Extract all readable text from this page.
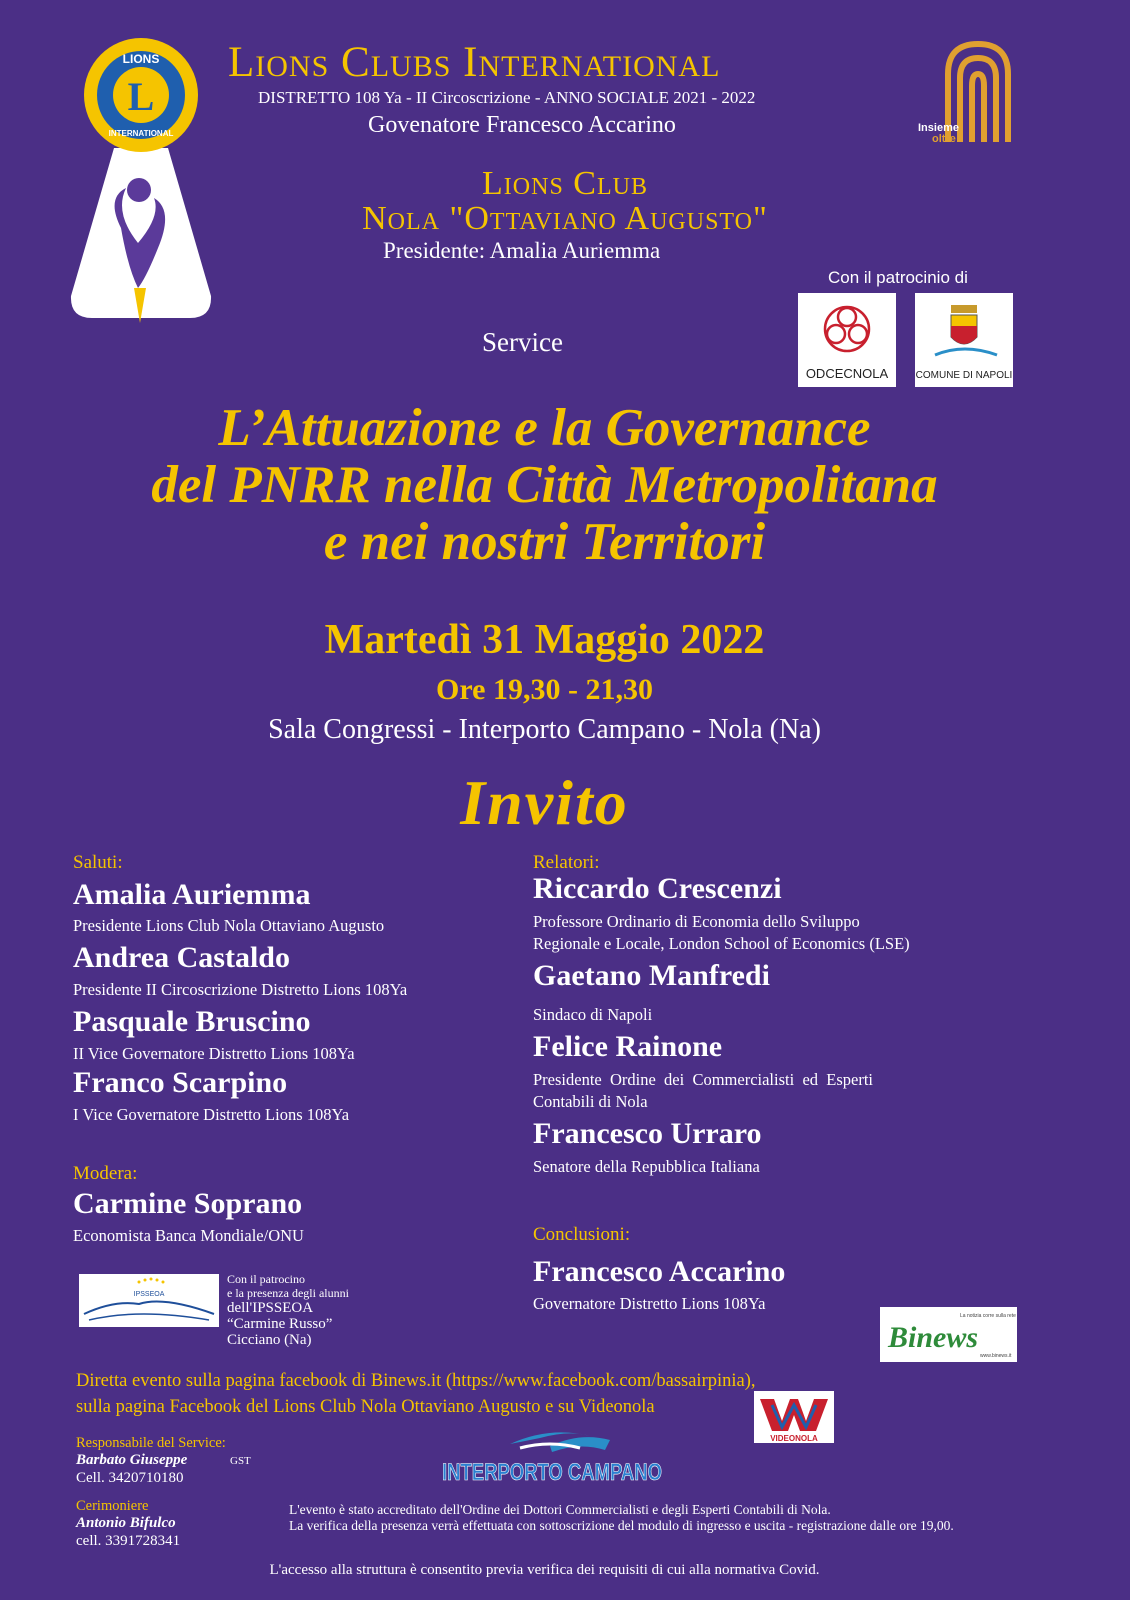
L
LIONS
INTERNATIONAL
Lions Clubs International
DISTRETTO 108 Ya - II Circoscrizione - ANNO SOCIALE 2021 - 2022
Govenatore Francesco Accarino	Insieme
oltre
Lions Club
Nola "Ottaviano Augusto"
Presidente: Amalia Auriemma
Con il patrocinio di
ODCECNOLA	COMUNE DI NAPOLI
Service
L’Attuazione e la Governance
del PNRR nella Città Metropolitana
e nei nostri Territori
Martedì 31 Maggio 2022
Ore 19,30 - 21,30
Sala Congressi - Interporto Campano - Nola (Na)
Invito
Saluti:
Amalia Auriemma
Presidente Lions Club Nola Ottaviano Augusto
Andrea Castaldo
Presidente II Circoscrizione Distretto Lions 108Ya
Pasquale Bruscino
II Vice Governatore Distretto Lions 108Ya
Franco Scarpino
I Vice Governatore Distretto Lions 108Ya
Modera:
Carmine Soprano
Economista Banca Mondiale/ONU
Relatori:
Riccardo Crescenzi
Professore Ordinario di Economia dello Sviluppo
Regionale e Locale, London School of Economics (LSE)
Gaetano Manfredi
Sindaco di Napoli
Felice Rainone
Presidente  Ordine  dei  Commercialisti  ed  Esperti
Contabili di Nola
Francesco Urraro
Senatore della Repubblica Italiana
Conclusioni:
Francesco Accarino
Governatore Distretto Lions 108Ya
IPSSEOA
Con il patrocino
e la presenza degli alunni
dell'IPSSEOA
“Carmine Russo”
Cicciano (Na)
Diretta evento sulla pagina facebook di Binews.it (https://www.facebook.com/bassairpinia),
sulla pagina Facebook del Lions Club Nola Ottaviano Augusto e su Videonola
La notizia corre sulla rete
Binews
www.binews.it
VIDEONOLA
INTERPORTO CAMPANO
Responsabile del Service:
Barbato Giuseppe	GST
Cell. 3420710180
Cerimoniere
Antonio Bifulco
cell. 3391728341
L'evento è stato accreditato dell'Ordine dei Dottori Commercialisti e degli Esperti Contabili di Nola.
La verifica della presenza verrà effettuata con sottoscrizione del modulo di ingresso e uscita - registrazione dalle ore 19,00.
L'accesso alla struttura è consentito previa verifica dei requisiti di cui alla normativa Covid.
